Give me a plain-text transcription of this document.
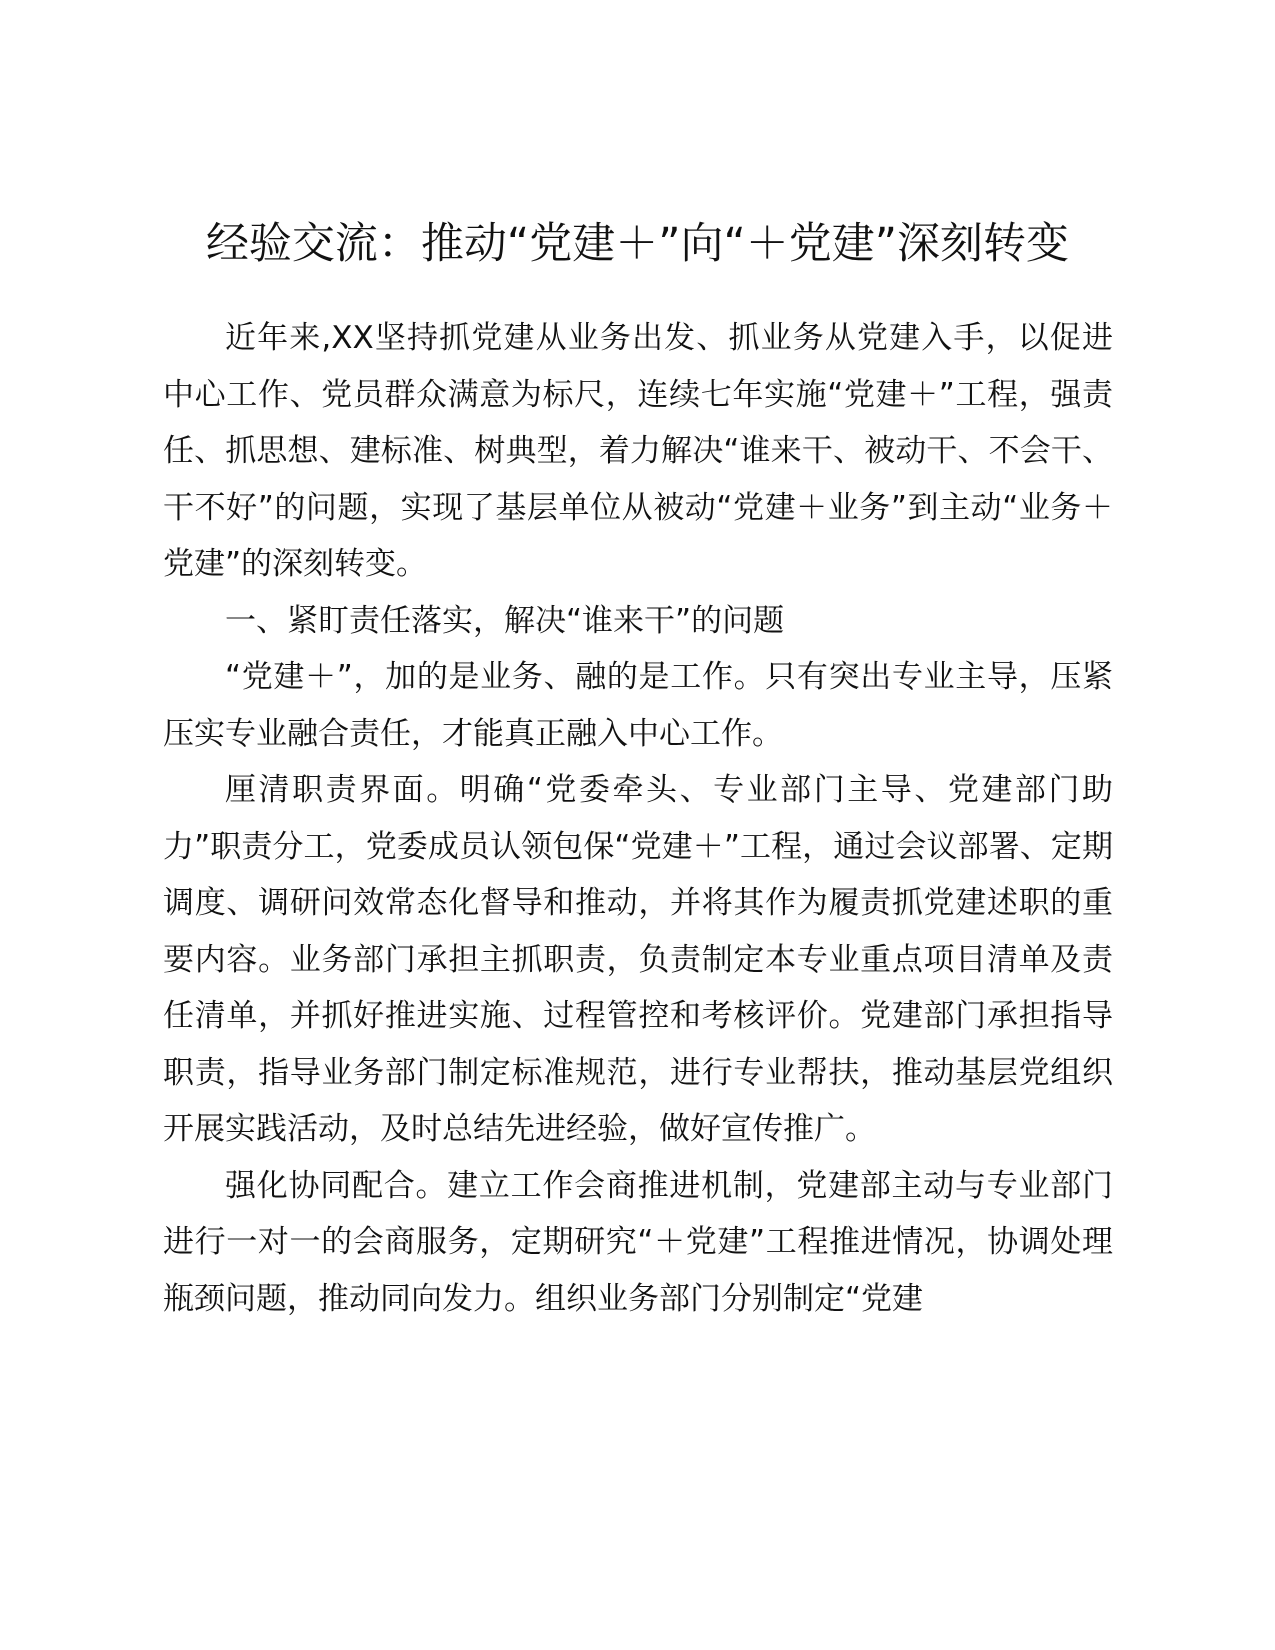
经验交流：推动“党建＋”向“＋党建”深刻转变

近年来,XX坚持抓党建从业务出发、抓业务从党建入手，以促进中心工作、党员群众满意为标尺，连续七年实施“党建＋”工程，强责任、抓思想、建标准、树典型，着力解决“谁来干、被动干、不会干、干不好”的问题，实现了基层单位从被动“党建＋业务”到主动“业务＋党建”的深刻转变。

一、紧盯责任落实，解决“谁来干”的问题

“党建＋”，加的是业务、融的是工作。只有突出专业主导，压紧压实专业融合责任，才能真正融入中心工作。

厘清职责界面。明确“党委牵头、专业部门主导、党建部门助力”职责分工，党委成员认领包保“党建＋”工程，通过会议部署、定期调度、调研问效常态化督导和推动，并将其作为履责抓党建述职的重要内容。业务部门承担主抓职责，负责制定本专业重点项目清单及责任清单，并抓好推进实施、过程管控和考核评价。党建部门承担指导职责，指导业务部门制定标准规范，进行专业帮扶，推动基层党组织开展实践活动，及时总结先进经验，做好宣传推广。

强化协同配合。建立工作会商推进机制，党建部主动与专业部门进行一对一的会商服务，定期研究“＋党建”工程推进情况，协调处理瓶颈问题，推动同向发力。组织业务部门分别制定“党建
